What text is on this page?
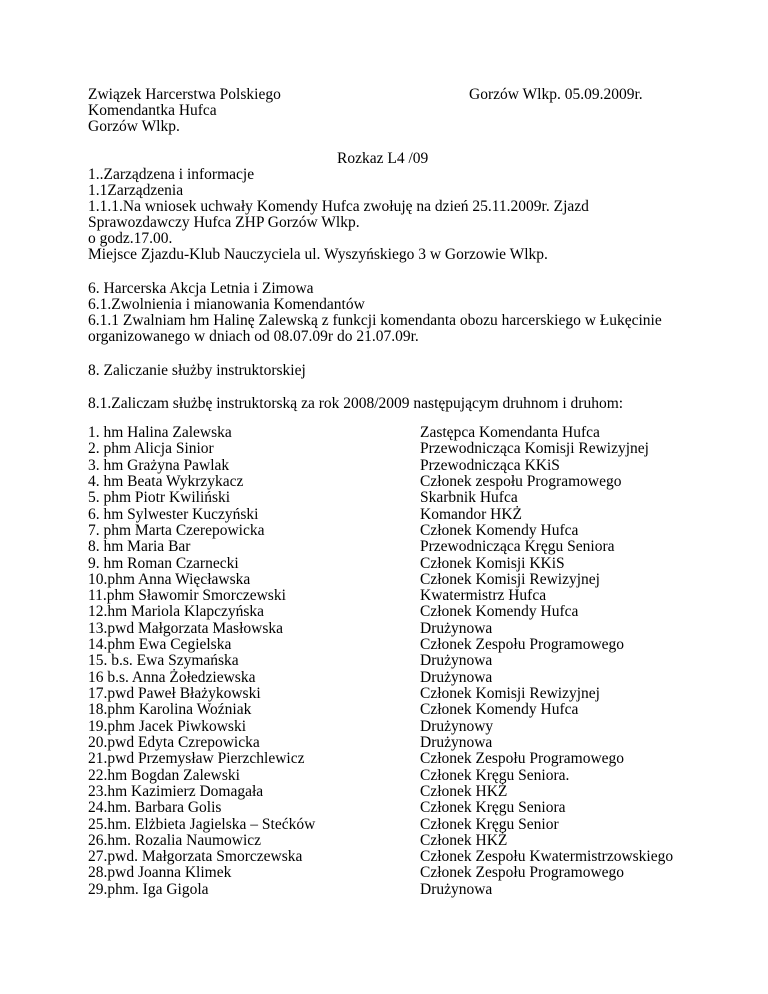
Związek Harcerstwa Polskiego
Komendantka Hufca
Gorzów Wlkp.
Gorzów Wlkp. 05.09.2009r.
Rozkaz L4 /09
1..Zarządzena i informacje
1.1Zarządzenia
1.1.1.Na wniosek uchwały Komendy Hufca zwołuję na dzień 25.11.2009r. Zjazd
Sprawozdawczy Hufca ZHP Gorzów Wlkp.
o godz.17.00.
Miejsce Zjazdu-Klub Nauczyciela ul. Wyszyńskiego 3 w Gorzowie Wlkp.
6. Harcerska Akcja Letnia i Zimowa
6.1.Zwolnienia i mianowania Komendantów
6.1.1 Zwalniam hm Halinę Zalewską z funkcji komendanta obozu harcerskiego w Łukęcinie
organizowanego w dniach od 08.07.09r do 21.07.09r.
8. Zaliczanie służby instruktorskiej
8.1.Zaliczam służbę instruktorską za rok 2008/2009 następującym druhnom i druhom:
1. hm Halina Zalewska	Zastępca Komendanta Hufca
2. phm Alicja Sinior	Przewodnicząca Komisji Rewizyjnej
3. hm Grażyna Pawlak	Przewodnicząca KKiS
4. hm Beata Wykrzykacz	Członek zespołu Programowego
5. phm Piotr Kwiliński	Skarbnik Hufca
6. hm Sylwester Kuczyński	Komandor HKŻ
7. phm Marta Czerepowicka	Członek Komendy Hufca
8. hm Maria Bar	Przewodnicząca Kręgu Seniora
9. hm Roman Czarnecki	Członek Komisji KKiS
10.phm Anna Więcławska	Członek Komisji Rewizyjnej
11.phm Sławomir Smorczewski	Kwatermistrz Hufca
12.hm Mariola Klapczyńska	Członek Komendy Hufca
13.pwd Małgorzata Masłowska	Drużynowa
14.phm Ewa Cegielska	Członek Zespołu Programowego
15. b.s. Ewa Szymańska	Drużynowa
16 b.s. Anna Żołedziewska	Drużynowa
17.pwd Paweł Błażykowski	Członek Komisji Rewizyjnej
18.phm Karolina Woźniak	Członek Komendy Hufca
19.phm Jacek Piwkowski	Drużynowy
20.pwd Edyta Czrepowicka	Drużynowa
21.pwd Przemysław Pierzchlewicz	Członek Zespołu Programowego
22.hm Bogdan Zalewski	Członek Kręgu Seniora.
23.hm Kazimierz Domagała	Członek HKŻ
24.hm. Barbara Golis	Członek Kręgu Seniora
25.hm. Elżbieta Jagielska – Stećków	Członek Kręgu Senior
26.hm. Rozalia Naumowicz	Członek HKŻ
27.pwd. Małgorzata Smorczewska	Członek Zespołu Kwatermistrzowskiego
28.pwd Joanna Klimek	Członek Zespołu Programowego
29.phm. Iga Gigola	Drużynowa
